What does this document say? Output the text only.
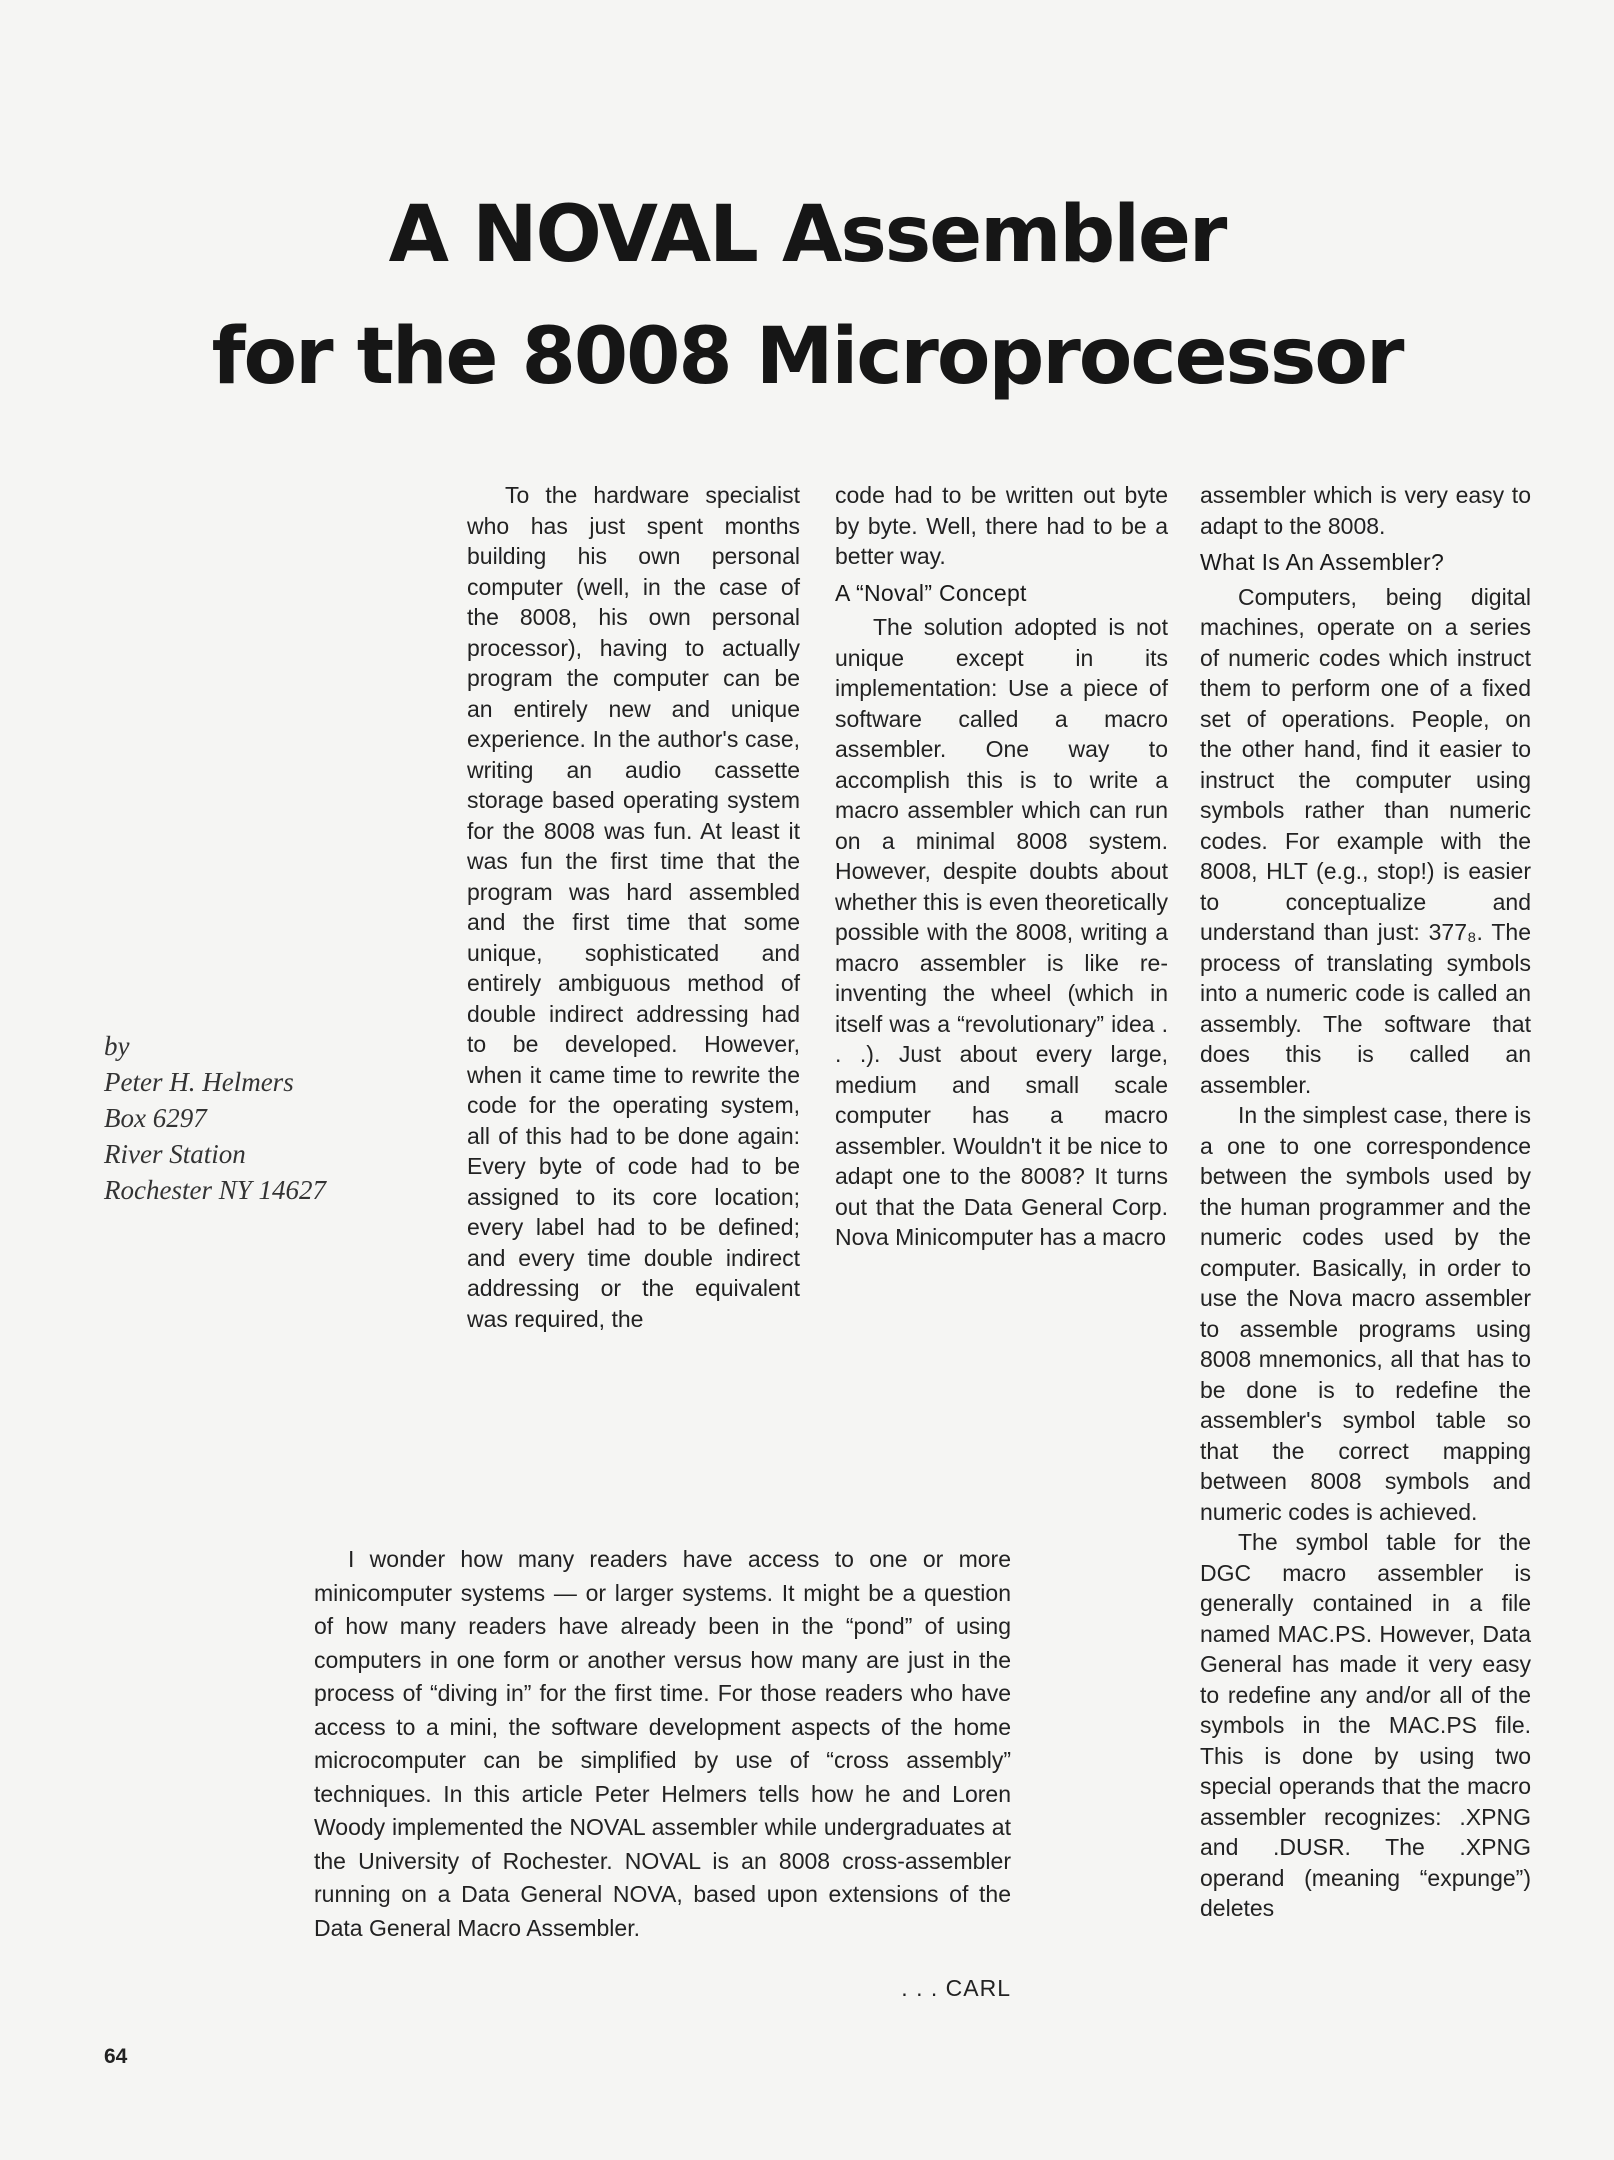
A NOVAL Assembler
for the 8008 Microprocessor
by
Peter H. Helmers
Box 6297
River Station
Rochester NY 14627

To the hardware specialist who has just spent months building his own personal computer (well, in the case of the 8008, his own personal processor), having to actually program the computer can be an entirely new and unique experience. In the author's case, writing an audio cassette storage based operating system for the 8008 was fun. At least it was fun the first time that the program was hard assembled and the first time that some unique, sophisticated and entirely ambiguous method of double indirect addressing had to be developed. However, when it came time to rewrite the code for the operating system, all of this had to be done again: Every byte of code had to be assigned to its core location; every label had to be defined; and every time double indirect addressing or the equivalent was required, the

code had to be written out byte by byte. Well, there had to be a better way.

A “Noval” Concept

The solution adopted is not unique except in its implementation: Use a piece of software called a macro assembler. One way to accomplish this is to write a macro assembler which can run on a minimal 8008 system. However, despite doubts about whether this is even theoretically possible with the 8008, writing a macro assembler is like re-inventing the wheel (which in itself was a “revolutionary” idea . . .). Just about every large, medium and small scale computer has a macro assembler. Wouldn't it be nice to adapt one to the 8008? It turns out that the Data General Corp. Nova Minicomputer has a macro

assembler which is very easy to adapt to the 8008.

What Is An Assembler?

Computers, being digital machines, operate on a series of numeric codes which instruct them to perform one of a fixed set of operations. People, on the other hand, find it easier to instruct the computer using symbols rather than numeric codes. For example with the 8008, HLT (e.g., stop!) is easier to conceptualize and understand than just: 377₈. The process of translating symbols into a numeric code is called an assembly. The software that does this is called an assembler.

In the simplest case, there is a one to one correspondence between the symbols used by the human programmer and the numeric codes used by the computer. Basically, in order to use the Nova macro assembler to assemble programs using 8008 mnemonics, all that has to be done is to redefine the assembler's symbol table so that the correct mapping between 8008 symbols and numeric codes is achieved.

The symbol table for the DGC macro assembler is generally contained in a file named MAC.PS. However, Data General has made it very easy to redefine any and/or all of the symbols in the MAC.PS file. This is done by using two special operands that the macro assembler recognizes: .XPNG and .DUSR. The .XPNG operand (meaning “expunge”) deletes

I wonder how many readers have access to one or more minicomputer systems — or larger systems. It might be a question of how many readers have already been in the “pond” of using computers in one form or another versus how many are just in the process of “diving in” for the first time. For those readers who have access to a mini, the software development aspects of the home microcomputer can be simplified by use of “cross assembly” techniques. In this article Peter Helmers tells how he and Loren Woody implemented the NOVAL assembler while undergraduates at the University of Rochester. NOVAL is an 8008 cross-assembler running on a Data General NOVA, based upon extensions of the Data General Macro Assembler.

. . . CARL
64
